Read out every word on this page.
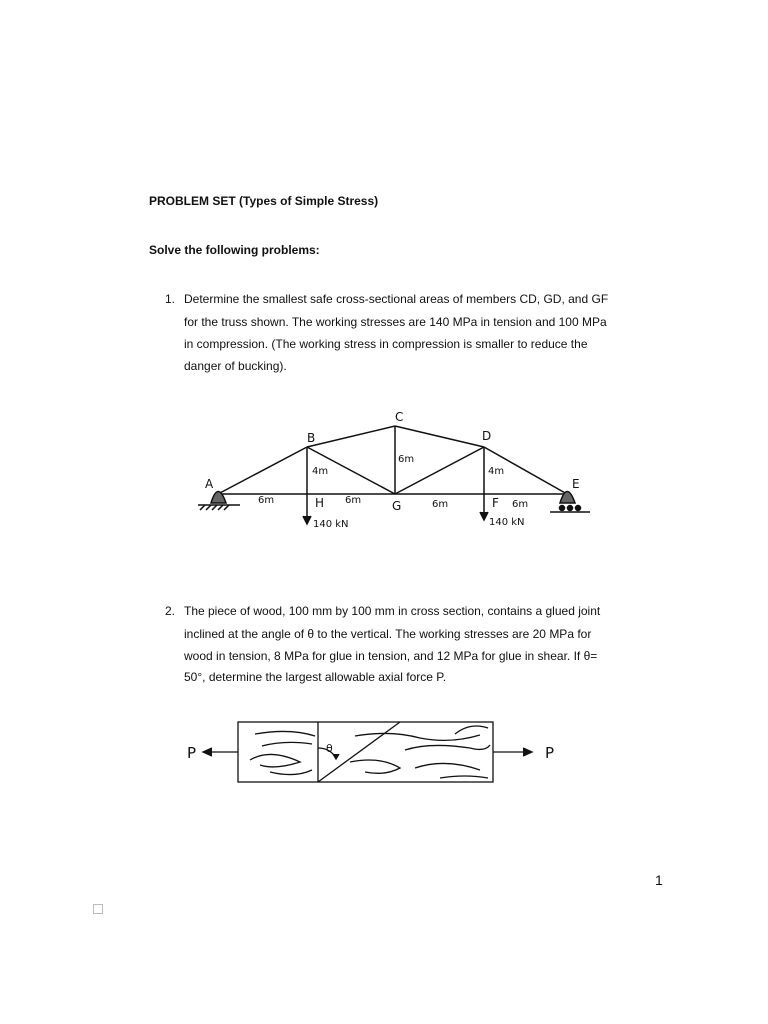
PROBLEM SET (Types of Simple Stress)
Solve the following problems:
1. Determine the smallest safe cross-sectional areas of members CD, GD, and GF
for the truss shown. The working stresses are 140 MPa in tension and 100 MPa
in compression. (The working stress in compression is smaller to reduce the
danger of bucking).
A
B
C
D
E
F
G
H
6m	6m	6m	6m
4m
6m
4m
140 kN	140 kN
P	P
θ
2. The piece of wood, 100 mm by 100 mm in cross section, contains a glued joint
inclined at the angle of θ to the vertical. The working stresses are 20 MPa for
wood in tension, 8 MPa for glue in tension, and 12 MPa for glue in shear. If θ=
50°, determine the largest allowable axial force P.
1
